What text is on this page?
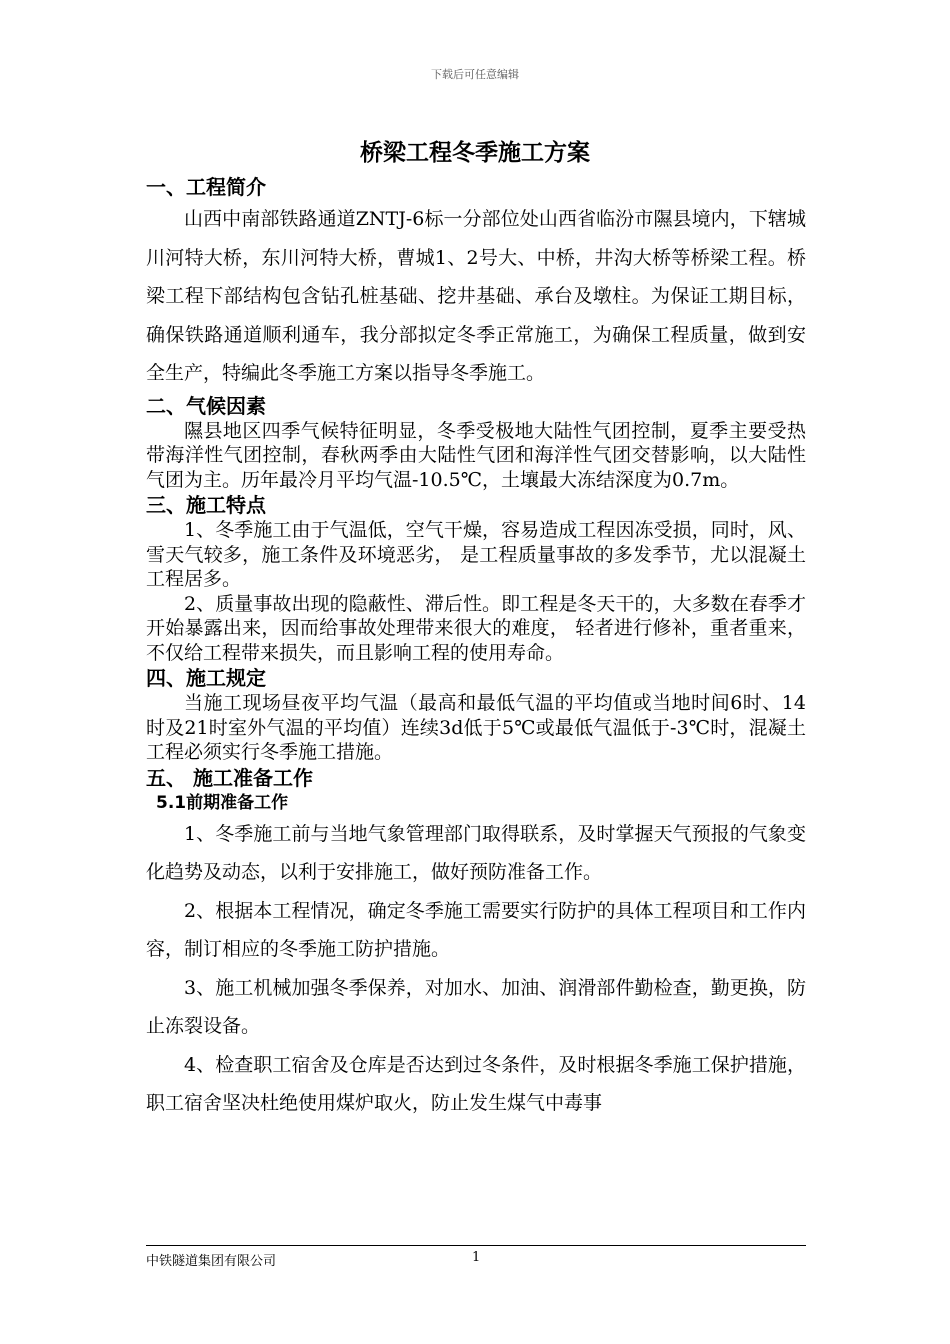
下载后可任意编辑
桥梁工程冬季施工方案
一、工程简介

山西中南部铁路通道ZNTJ-6标一分部位处山西省临汾市隰县境内，下辖城川河特大桥，东川河特大桥，曹城1、2号大、中桥，井沟大桥等桥梁工程。桥梁工程下部结构包含钻孔桩基础、挖井基础、承台及墩柱。为保证工期目标，确保铁路通道顺利通车，我分部拟定冬季正常施工，为确保工程质量，做到安全生产，特编此冬季施工方案以指导冬季施工。

二、气候因素

隰县地区四季气候特征明显，冬季受极地大陆性气团控制，夏季主要受热带海洋性气团控制，春秋两季由大陆性气团和海洋性气团交替影响，以大陆性气团为主。历年最冷月平均气温-10.5℃，土壤最大冻结深度为0.7m。

三、施工特点

1、冬季施工由于气温低，空气干燥，容易造成工程因冻受损，同时，风、雪天气较多，施工条件及环境恶劣， 是工程质量事故的多发季节，尤以混凝土工程居多。

2、质量事故出现的隐蔽性、滞后性。即工程是冬天干的，大多数在春季才开始暴露出来，因而给事故处理带来很大的难度， 轻者进行修补，重者重来，不仅给工程带来损失，而且影响工程的使用寿命。

四、施工规定

当施工现场昼夜平均气温（最高和最低气温的平均值或当地时间6时、14时及21时室外气温的平均值）连续3d低于5℃或最低气温低于-3℃时，混凝土工程必须实行冬季施工措施。

五、 施工准备工作
5.1前期准备工作

1、冬季施工前与当地气象管理部门取得联系，及时掌握天气预报的气象变化趋势及动态，以利于安排施工，做好预防准备工作。

2、根据本工程情况，确定冬季施工需要实行防护的具体工程项目和工作内容，制订相应的冬季施工防护措施。

3、施工机械加强冬季保养，对加水、加油、润滑部件勤检查，勤更换，防止冻裂设备。

4、检查职工宿舍及仓库是否达到过冬条件，及时根据冬季施工保护措施，职工宿舍坚决杜绝使用煤炉取火，防止发生煤气中毒事

中铁隧道集团有限公司	1
